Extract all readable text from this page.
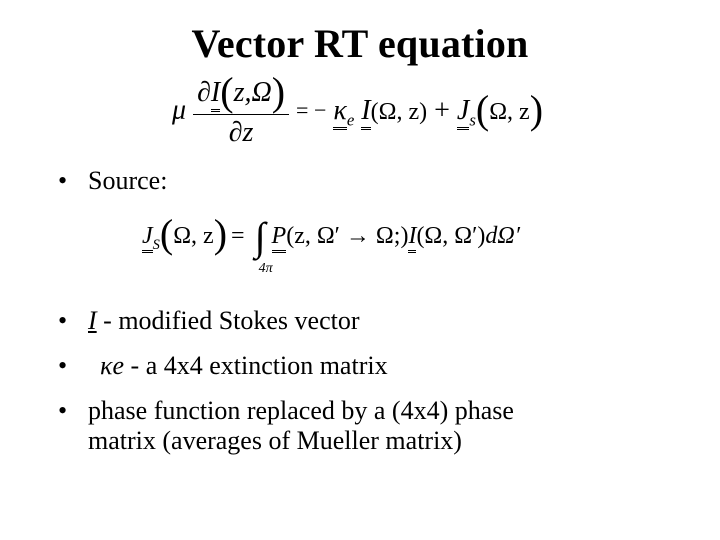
Vector RT equation
μ $\frac{\partial I(z,\Omega)}{\partial z}$ = − $\kappa_e$ I(Ω, $z) + J_s(\Omega$, z)
• Source:
$J_S(\Omega$, z) = ∫
4π
P(z, Ω′ → Ω;)I(Ω, Ω′)dΩ′
• I - modified Stokes vector
• κe - a 4x4 extinction matrix
• phase function replaced by a (4x4) phase
matrix (averages of Mueller matrix)
